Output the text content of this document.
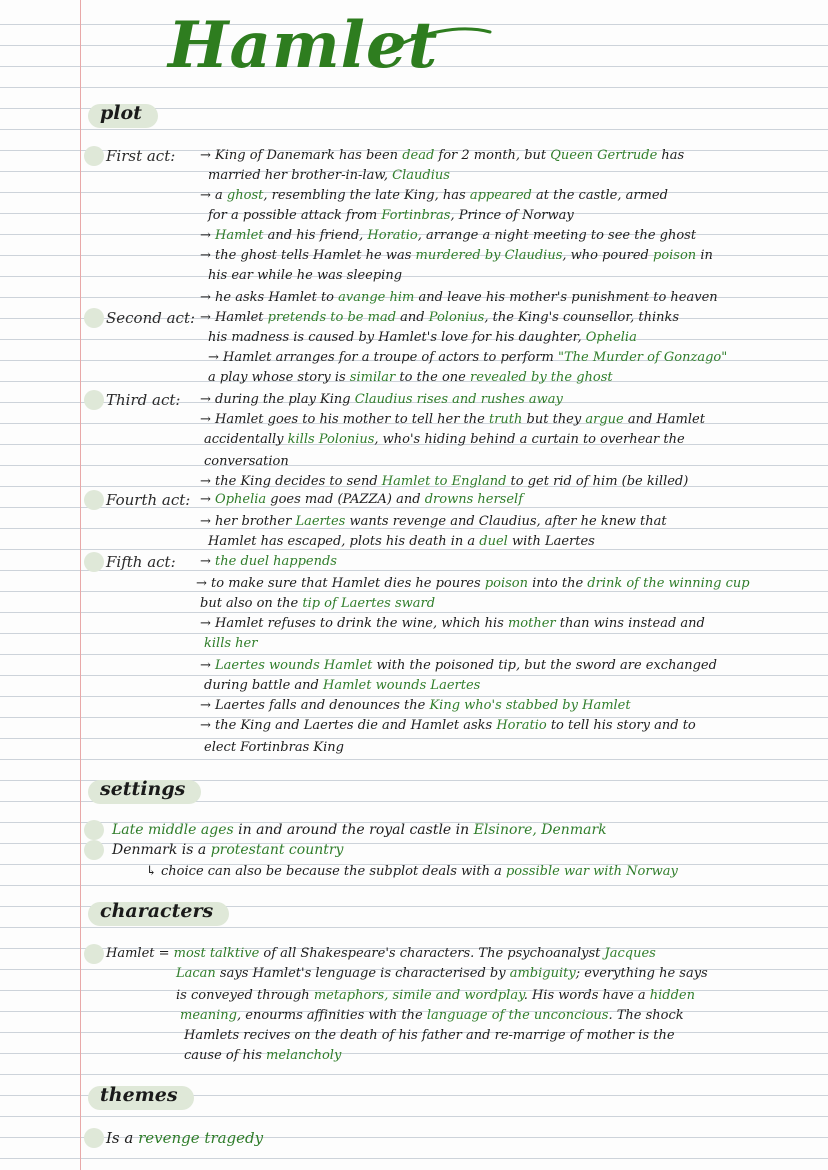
Hamlet
plot
settings
characters
themes
First act:
Second act:
Third act:
Fourth act:
Fifth act:
→ King of Danemark has been dead for 2 month, but Queen Gertrude has
married her brother-in-law, Claudius
→ a ghost, resembling the late King, has appeared at the castle, armed
for a possible attack from Fortinbras, Prince of Norway
→ Hamlet and his friend, Horatio, arrange a night meeting to see the ghost
→ the ghost tells Hamlet he was murdered by Claudius, who poured poison in
his ear while he was sleeping
→ he asks Hamlet to avange him and leave his mother's punishment to heaven
→ Hamlet pretends to be mad and Polonius, the King's counsellor, thinks
his madness is caused by Hamlet's love for his daughter, Ophelia
→ Hamlet arranges for a troupe of actors to perform "The Murder of Gonzago"
a play whose story is similar to the one revealed by the ghost
→ during the play King Claudius rises and rushes away
→ Hamlet goes to his mother to tell her the truth but they argue and Hamlet
accidentally kills Polonius, who's hiding behind a curtain to overhear the
conversation
→ the King decides to send Hamlet to England to get rid of him (be killed)
→ Ophelia goes mad (PAZZA) and drowns herself
→ her brother Laertes wants revenge and Claudius, after he knew that
Hamlet has escaped, plots his death in a duel with Laertes
→ the duel happends
→ to make sure that Hamlet dies he poures poison into the drink of the winning cup
but also on the tip of Laertes sward
→ Hamlet refuses to drink the wine, which his mother than wins instead and
kills her
→ Laertes wounds Hamlet with the poisoned tip, but the sword are exchanged
during battle and Hamlet wounds Laertes
→ Laertes falls and denounces the King who's stabbed by Hamlet
→ the King and Laertes die and Hamlet asks Horatio to tell his story and to
elect Fortinbras King
Late middle ages in and around the royal castle in Elsinore, Denmark
Denmark is a protestant country
↳ choice can also be because the subplot deals with a possible war with Norway
Hamlet = most talktive of all Shakespeare's characters. The psychoanalyst Jacques
Lacan says Hamlet's lenguage is characterised by ambiguity; everything he says
is conveyed through metaphors, simile and wordplay. His words have a hidden
meaning, enourms affinities with the language of the unconcious. The shock
Hamlets recives on the death of his father and re-marrige of mother is the
cause of his melancholy
Is a revenge tragedy
